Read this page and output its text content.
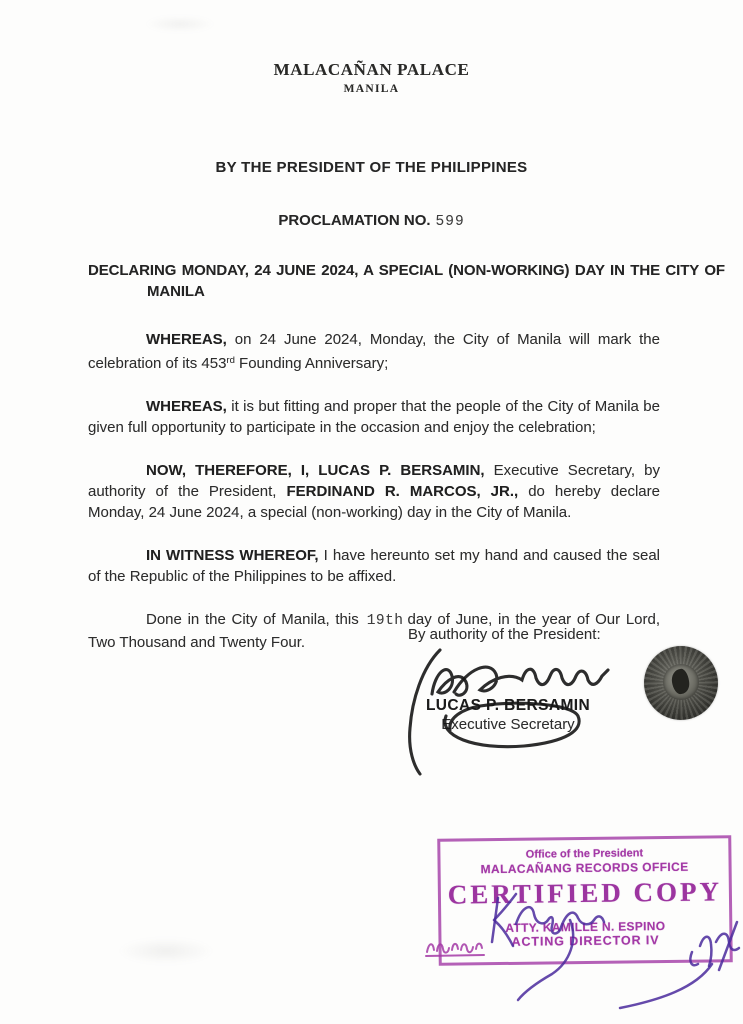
MALACAÑAN PALACE
MANILA
BY THE PRESIDENT OF THE PHILIPPINES
PROCLAMATION NO. 599
DECLARING MONDAY, 24 JUNE 2024, A SPECIAL (NON-WORKING) DAY IN THE CITY OF MANILA

WHEREAS, on 24 June 2024, Monday, the City of Manila will mark the celebration of its 453rd Founding Anniversary;

WHEREAS, it is but fitting and proper that the people of the City of Manila be given full opportunity to participate in the occasion and enjoy the celebration;

NOW, THEREFORE, I, LUCAS P. BERSAMIN, Executive Secretary, by authority of the President, FERDINAND R. MARCOS, JR., do hereby declare Monday, 24 June 2024, a special (non-working) day in the City of Manila.

IN WITNESS WHEREOF, I have hereunto set my hand and caused the seal of the Republic of the Philippines to be affixed.

Done in the City of Manila, this 19th day of June, in the year of Our Lord, Two Thousand and Twenty Four.	By authority of the President:
LUCAS P. BERSAMIN
Executive Secretary
Office of the President
MALACAÑANG RECORDS OFFICE
CERTIFIED COPY
ATTY. KAMILLE N. ESPINO
ACTING DIRECTOR IV
